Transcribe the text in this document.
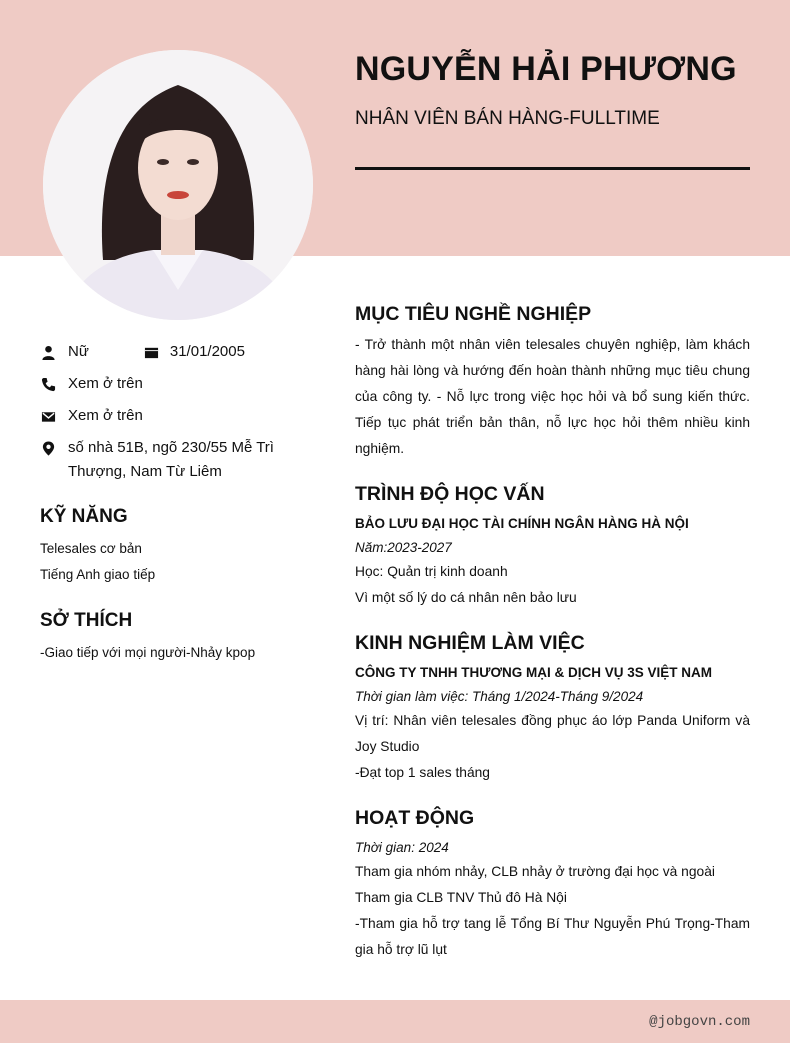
NGUYỄN HẢI PHƯƠNG
NHÂN VIÊN BÁN HÀNG-FULLTIME
Nữ	31/01/2005
Xem ở trên
Xem ở trên
số nhà 51B, ngõ 230/55 Mễ Trì Thượng, Nam Từ Liêm
KỸ NĂNG
Telesales cơ bản
Tiếng Anh giao tiếp
SỞ THÍCH
-Giao tiếp với mọi người-Nhảy kpop
MỤC TIÊU NGHỀ NGHIỆP
- Trở thành một nhân viên telesales chuyên nghiệp, làm khách hàng hài lòng và hướng đến hoàn thành những mục tiêu chung của công ty. - Nỗ lực trong việc học hỏi và bổ sung kiến thức. Tiếp tục phát triển bản thân, nỗ lực học hỏi thêm nhiều kinh nghiệm.
TRÌNH ĐỘ HỌC VẤN
BẢO LƯU ĐẠI HỌC TÀI CHÍNH NGÂN HÀNG HÀ NỘI
Năm:2023-2027
Học: Quản trị kinh doanh
Vì một số lý do cá nhân nên bảo lưu
KINH NGHIỆM LÀM VIỆC
CÔNG TY TNHH THƯƠNG MẠI & DỊCH VỤ 3S VIỆT NAM
Thời gian làm việc: Tháng 1/2024-Tháng 9/2024
Vị trí: Nhân viên telesales đồng phục áo lớp Panda Uniform và Joy Studio
-Đạt top 1 sales tháng
HOẠT ĐỘNG
Thời gian: 2024
Tham gia nhóm nhảy, CLB nhảy ở trường đại học và ngoài
Tham gia CLB TNV Thủ đô Hà Nội
-Tham gia hỗ trợ tang lễ Tổng Bí Thư Nguyễn Phú Trọng-Tham gia hỗ trợ lũ lụt
@jobgovn.com
